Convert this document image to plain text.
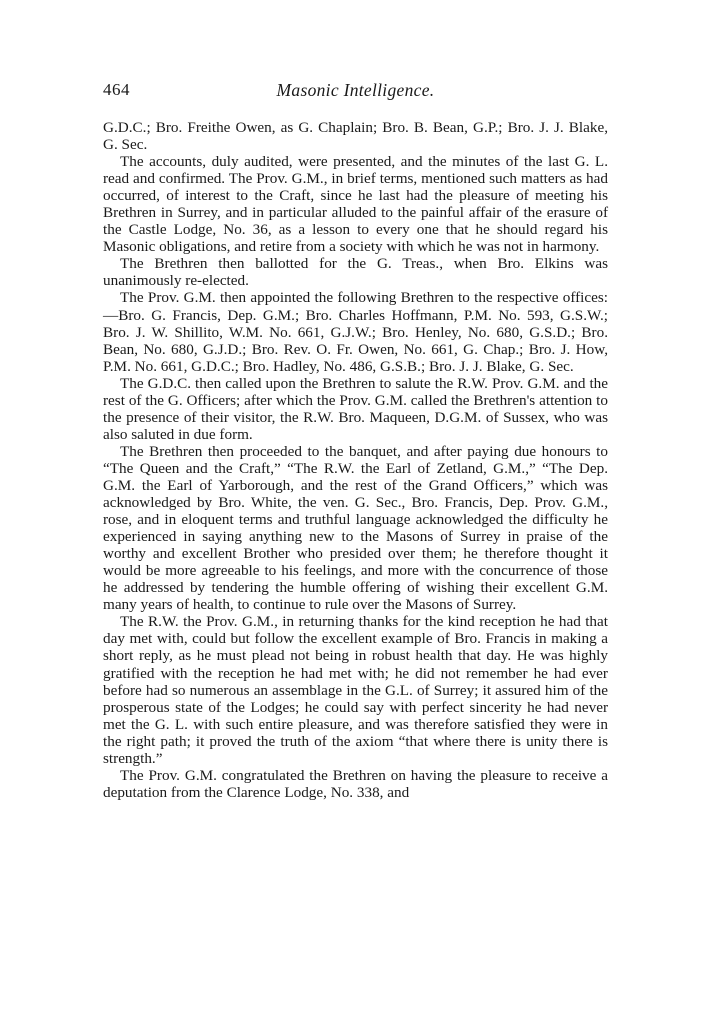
464	Masonic Intelligence.

G.D.C.; Bro. Freithe Owen, as G. Chaplain; Bro. B. Bean, G.P.; Bro. J. J. Blake, G. Sec.

The accounts, duly audited, were presented, and the minutes of the last G. L. read and confirmed. The Prov. G.M., in brief terms, mentioned such matters as had occurred, of interest to the Craft, since he last had the pleasure of meeting his Brethren in Surrey, and in particular alluded to the painful affair of the erasure of the Castle Lodge, No. 36, as a lesson to every one that he should regard his Masonic obligations, and retire from a society with which he was not in harmony.

The Brethren then ballotted for the G. Treas., when Bro. Elkins was unanimously re-elected.

The Prov. G.M. then appointed the following Brethren to the respective offices:—Bro. G. Francis, Dep. G.M.; Bro. Charles Hoffmann, P.M. No. 593, G.S.W.; Bro. J. W. Shillito, W.M. No. 661, G.J.W.; Bro. Henley, No. 680, G.S.D.; Bro. Bean, No. 680, G.J.D.; Bro. Rev. O. Fr. Owen, No. 661, G. Chap.; Bro. J. How, P.M. No. 661, G.D.C.; Bro. Hadley, No. 486, G.S.B.; Bro. J. J. Blake, G. Sec.

The G.D.C. then called upon the Brethren to salute the R.W. Prov. G.M. and the rest of the G. Officers; after which the Prov. G.M. called the Brethren's attention to the presence of their visitor, the R.W. Bro. Maqueen, D.G.M. of Sussex, who was also saluted in due form.

The Brethren then proceeded to the banquet, and after paying due honours to “The Queen and the Craft,” “The R.W. the Earl of Zetland, G.M.,” “The Dep. G.M. the Earl of Yarborough, and the rest of the Grand Officers,” which was acknowledged by Bro. White, the ven. G. Sec., Bro. Francis, Dep. Prov. G.M., rose, and in eloquent terms and truthful language acknowledged the difficulty he experienced in saying anything new to the Masons of Surrey in praise of the worthy and excellent Brother who presided over them; he therefore thought it would be more agreeable to his feelings, and more with the concurrence of those he addressed by tendering the humble offering of wishing their excellent G.M. many years of health, to continue to rule over the Masons of Surrey.

The R.W. the Prov. G.M., in returning thanks for the kind reception he had that day met with, could but follow the excellent example of Bro. Francis in making a short reply, as he must plead not being in robust health that day. He was highly gratified with the reception he had met with; he did not remember he had ever before had so numerous an assemblage in the G.L. of Surrey; it assured him of the prosperous state of the Lodges; he could say with perfect sincerity he had never met the G. L. with such entire pleasure, and was therefore satisfied they were in the right path; it proved the truth of the axiom “that where there is unity there is strength.”

The Prov. G.M. congratulated the Brethren on having the pleasure to receive a deputation from the Clarence Lodge, No. 338, and
